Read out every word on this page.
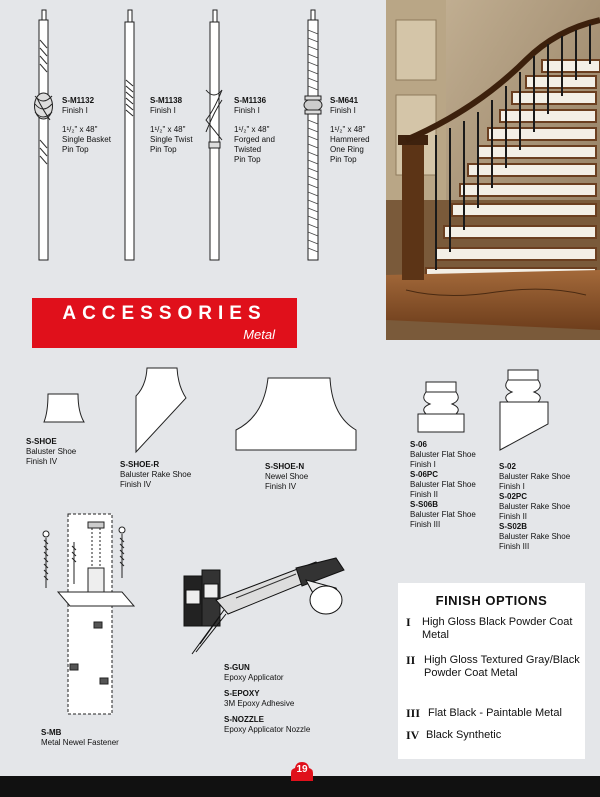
S-M1132
Finish I
1¹/₂" x 48"
Single Basket
Pin Top
S-M1138
Finish I
1¹/₂" x 48"
Single Twist
Pin Top
S-M1136
Finish I
1¹/₂" x 48"
Forged and
Twisted
Pin Top
S-M641
Finish I
1¹/₂" x 48"
Hammered
One Ring
Pin Top
ACCESSORIES
Metal
S-SHOE
Baluster Shoe
Finish IV	S-SHOE-R
Baluster Rake Shoe
Finish IV
S-SHOE-N
Newel Shoe
Finish IV
S-06
Baluster Flat Shoe
Finish I
S-06PC
Baluster Flat Shoe
Finish II
S-S06B
Baluster Flat Shoe
Finish III
S-02
Baluster Rake Shoe
Finish I
S-02PC
Baluster Rake Shoe
Finish II
S-S02B
Baluster Rake Shoe
Finish III
S-MB
Metal Newel Fastener
S-GUN
Epoxy Applicator
S-EPOXY
3M Epoxy Adhesive
S-NOZZLE
Epoxy Applicator Nozzle
FINISH OPTIONS
I High Gloss Black Powder Coat Metal
II High Gloss Textured Gray/Black Powder Coat Metal
III Flat Black - Paintable Metal
IV Black Synthetic
19
